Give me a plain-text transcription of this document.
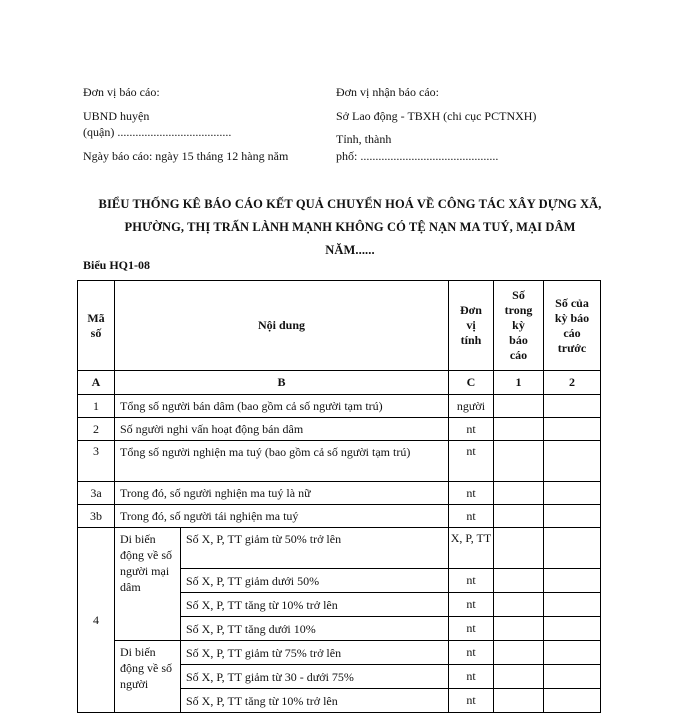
Đơn vị báo cáo:
UBND huyện
(quận) ......................................
Ngày báo cáo: ngày 15 tháng 12 hàng năm
Đơn vị nhận báo cáo:
Sở Lao động - TBXH (chi cục PCTNXH)
Tỉnh, thành
phố: ..............................................
BIỂU THỐNG KÊ BÁO CÁO KẾT QUẢ CHUYỂN HOÁ VỀ CÔNG TÁC XÂY DỰNG XÃ,
PHƯỜNG, THỊ TRẤN LÀNH MẠNH KHÔNG CÓ TỆ NẠN MA TUÝ, MẠI DÂM
NĂM......
Biểu HQ1-08
Mã số	Nội dung		Đơn vị tính	Số trong kỳ báo cáo	Số của kỳ báo cáo trước
A	B		C	1	2
1	Tổng số người bán dâm (bao gồm cả số người tạm trú)		người		
2	Số người nghi vấn hoạt động bán dâm		nt		
3	Tổng số người nghiện ma tuý (bao gồm cả số người tạm trú)		nt		
3a	Trong đó, số người nghiện ma tuý là nữ		nt		
3b	Trong đó, số người tái nghiện ma tuý		nt		
4	Di biến động về số người mại dâm	Số X, P, TT giảm từ 50% trở lên	X, P, TT		
		Số X, P, TT giảm dưới 50%	nt		
		Số X, P, TT tăng từ 10% trở lên	nt		
		Số X, P, TT tăng dưới 10%	nt		
	Di biến động về số người	Số X, P, TT giảm từ 75% trở lên	nt		
		Số X, P, TT giảm từ 30 - dưới 75%	nt		
		Số X, P, TT tăng từ 10% trở lên	nt		
